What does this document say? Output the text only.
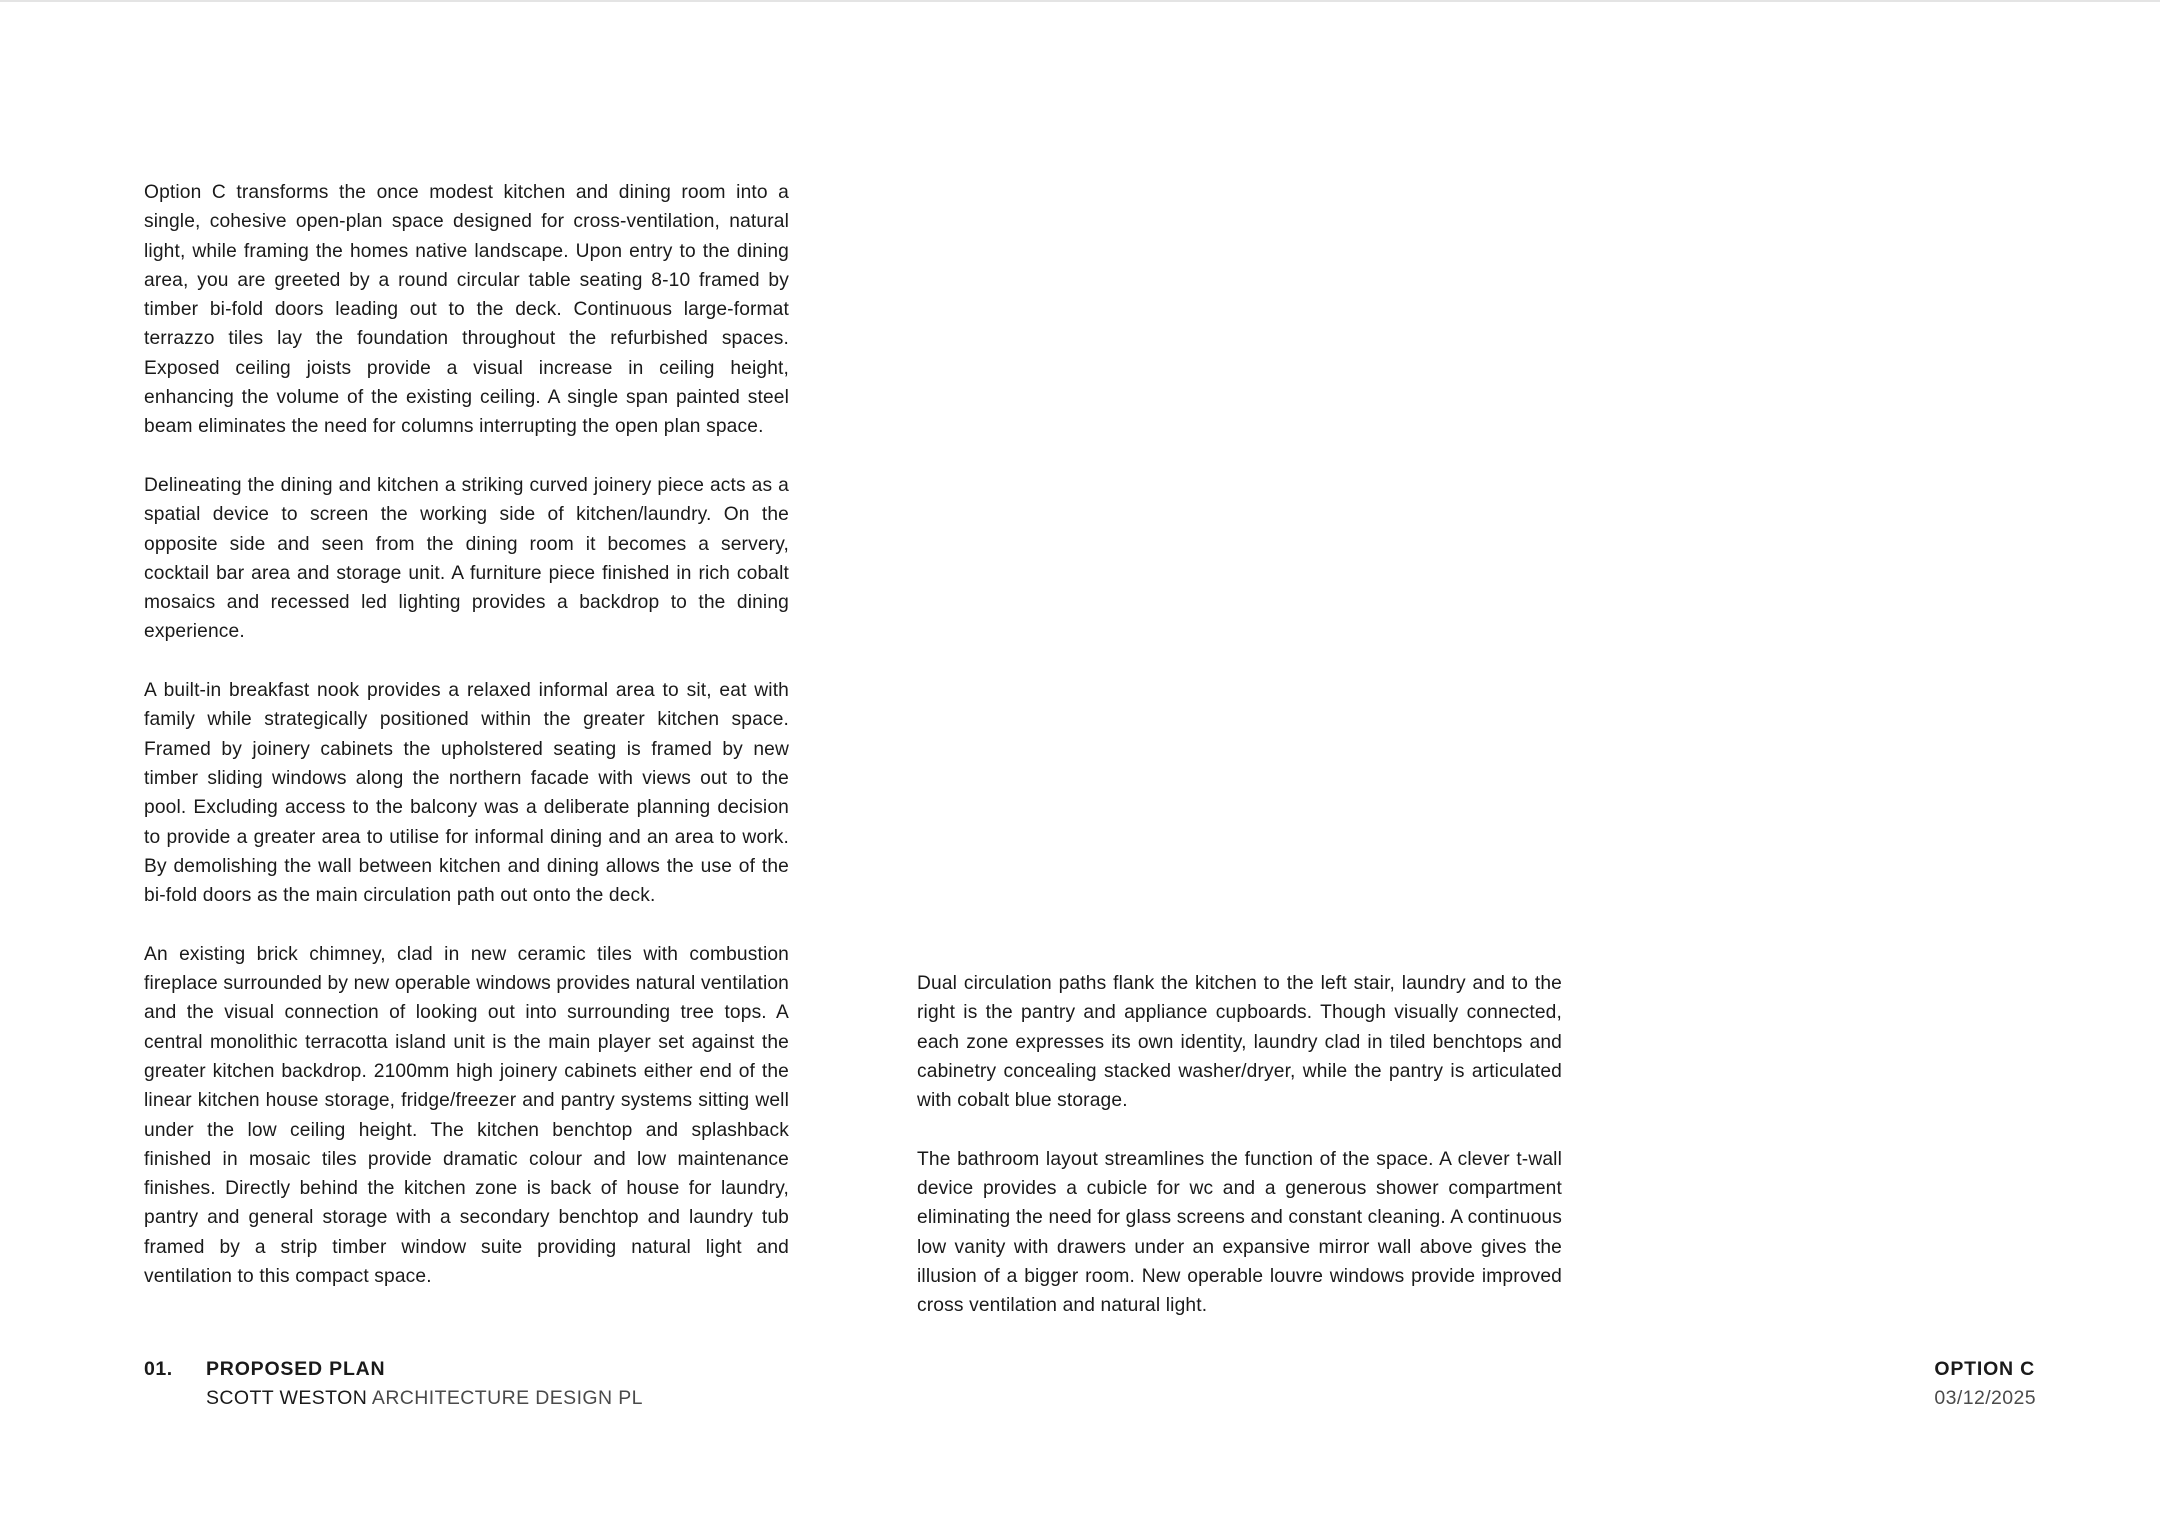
Option C transforms the once modest kitchen and dining room into a single, cohesive open-plan space designed for cross-ventilation, natural light, while framing the homes native landscape. Upon entry to the dining area, you are greeted by a round circular table seating 8-10 framed by timber bi-fold doors leading out to the deck. Continuous large-format terrazzo tiles lay the foundation throughout the refurbished spaces. Exposed ceiling joists provide a visual increase in ceiling height, enhancing the volume of the existing ceiling. A single span painted steel beam eliminates the need for columns interrupting the open plan space.

Delineating the dining and kitchen a striking curved joinery piece acts as a spatial device to screen the working side of kitchen/laundry. On the opposite side and seen from the dining room it becomes a servery, cocktail bar area and storage unit. A furniture piece finished in rich cobalt mosaics and recessed led lighting provides a backdrop to the dining experience.

A built-in breakfast nook provides a relaxed informal area to sit, eat with family while strategically positioned within the greater kitchen space. Framed by joinery cabinets the upholstered seating is framed by new timber sliding windows along the northern facade with views out to the pool. Excluding access to the balcony was a deliberate planning decision to provide a greater area to utilise for informal dining and an area to work. By demolishing the wall between kitchen and dining allows the use of the bi-fold doors as the main circulation path out onto the deck.

An existing brick chimney, clad in new ceramic tiles with combustion fireplace surrounded by new operable windows provides natural ventilation and the visual connection of looking out into surrounding tree tops. A central monolithic terracotta island unit is the main player set against the greater kitchen backdrop. 2100mm high joinery cabinets either end of the linear kitchen house storage, fridge/freezer and pantry systems sitting well under the low ceiling height. The kitchen benchtop and splashback finished in mosaic tiles provide dramatic colour and low maintenance finishes. Directly behind the kitchen zone is back of house for laundry, pantry and general storage with a secondary benchtop and laundry tub framed by a strip timber window suite providing natural light and ventilation to this compact space.

Dual circulation paths flank the kitchen to the left stair, laundry and to the right is the pantry and appliance cupboards. Though visually connected, each zone expresses its own identity, laundry clad in tiled benchtops and cabinetry concealing stacked washer/dryer, while the pantry is articulated with cobalt blue storage.

The bathroom layout streamlines the function of the space. A clever t-wall device provides a cubicle for wc and a generous shower compartment eliminating the need for glass screens and constant cleaning. A continuous low vanity with drawers under an expansive mirror wall above gives the illusion of a bigger room. New operable louvre windows provide improved cross ventilation and natural light.

01. PROPOSED PLAN
SCOTT WESTON ARCHITECTURE DESIGN PL
OPTION C
03/12/2025
